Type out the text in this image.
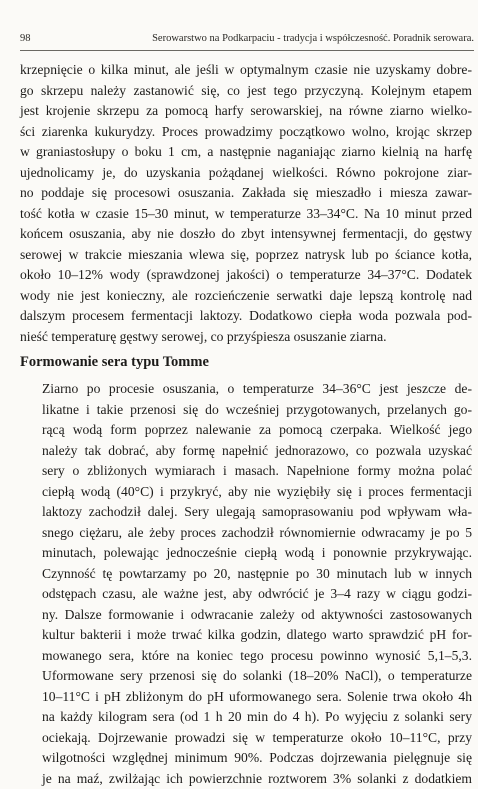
98	Serowarstwo na Podkarpaciu - tradycja i współczesność. Poradnik serowara.
krzepnięcie o kilka minut, ale jeśli w optymalnym czasie nie uzyskamy dobre-
go skrzepu należy zastanowić się, co jest tego przyczyną. Kolejnym etapem
jest krojenie skrzepu za pomocą harfy serowarskiej, na równe ziarno wielko-
ści ziarenka kukurydzy. Proces prowadzimy początkowo wolno, krojąc skrzep
w graniastosłupy o boku 1 cm, a następnie naganiając ziarno kielnią na harfę
ujednolicamy je, do uzyskania pożądanej wielkości. Równo pokrojone ziar-
no poddaje się procesowi osuszania. Zakłada się mieszadło i miesza zawar-
tość kotła w czasie 15–30 minut, w temperaturze 33–34°C. Na 10 minut przed
końcem osuszania, aby nie doszło do zbyt intensywnej fermentacji, do gęstwy
serowej w trakcie mieszania wlewa się, poprzez natrysk lub po ściance kotła,
około 10–12% wody (sprawdzonej jakości) o temperaturze 34–37°C. Dodatek
wody nie jest konieczny, ale rozcieńczenie serwatki daje lepszą kontrolę nad
dalszym procesem fermentacji laktozy. Dodatkowo ciepła woda pozwala pod-
nieść temperaturę gęstwy serowej, co przyśpiesza osuszanie ziarna.
Formowanie sera typu Tomme
Ziarno po procesie osuszania, o temperaturze 34–36°C jest jeszcze de-
likatne i takie przenosi się do wcześniej przygotowanych, przelanych go-
rącą wodą form poprzez nalewanie za pomocą czerpaka. Wielkość jego
należy tak dobrać, aby formę napełnić jednorazowo, co pozwala uzyskać
sery o zbliżonych wymiarach i masach. Napełnione formy można polać
ciepłą wodą (40°C) i przykryć, aby nie wyziębiły się i proces fermentacji
laktozy zachodził dalej. Sery ulegają samoprasowaniu pod wpływam wła-
snego ciężaru, ale żeby proces zachodził równomiernie odwracamy je po 5
minutach, polewając jednocześnie ciepłą wodą i ponownie przykrywając.
Czynność tę powtarzamy po 20, następnie po 30 minutach lub w innych
odstępach czasu, ale ważne jest, aby odwrócić je 3–4 razy w ciągu godzi-
ny. Dalsze formowanie i odwracanie zależy od aktywności zastosowanych
kultur bakterii i może trwać kilka godzin, dlatego warto sprawdzić pH for-
mowanego sera, które na koniec tego procesu powinno wynosić 5,1–5,3.
Uformowane sery przenosi się do solanki (18–20% NaCl), o temperaturze
10–11°C i pH zbliżonym do pH uformowanego sera. Solenie trwa około 4h
na każdy kilogram sera (od 1 h 20 min do 4 h). Po wyjęciu z solanki sery
ociekają. Dojrzewanie prowadzi się w temperaturze około 10–11°C, przy
wilgotności względnej minimum 90%. Podczas dojrzewania pielęgnuje się
je na maź, zwilżając ich powierzchnie roztworem 3% solanki z dodatkiem
